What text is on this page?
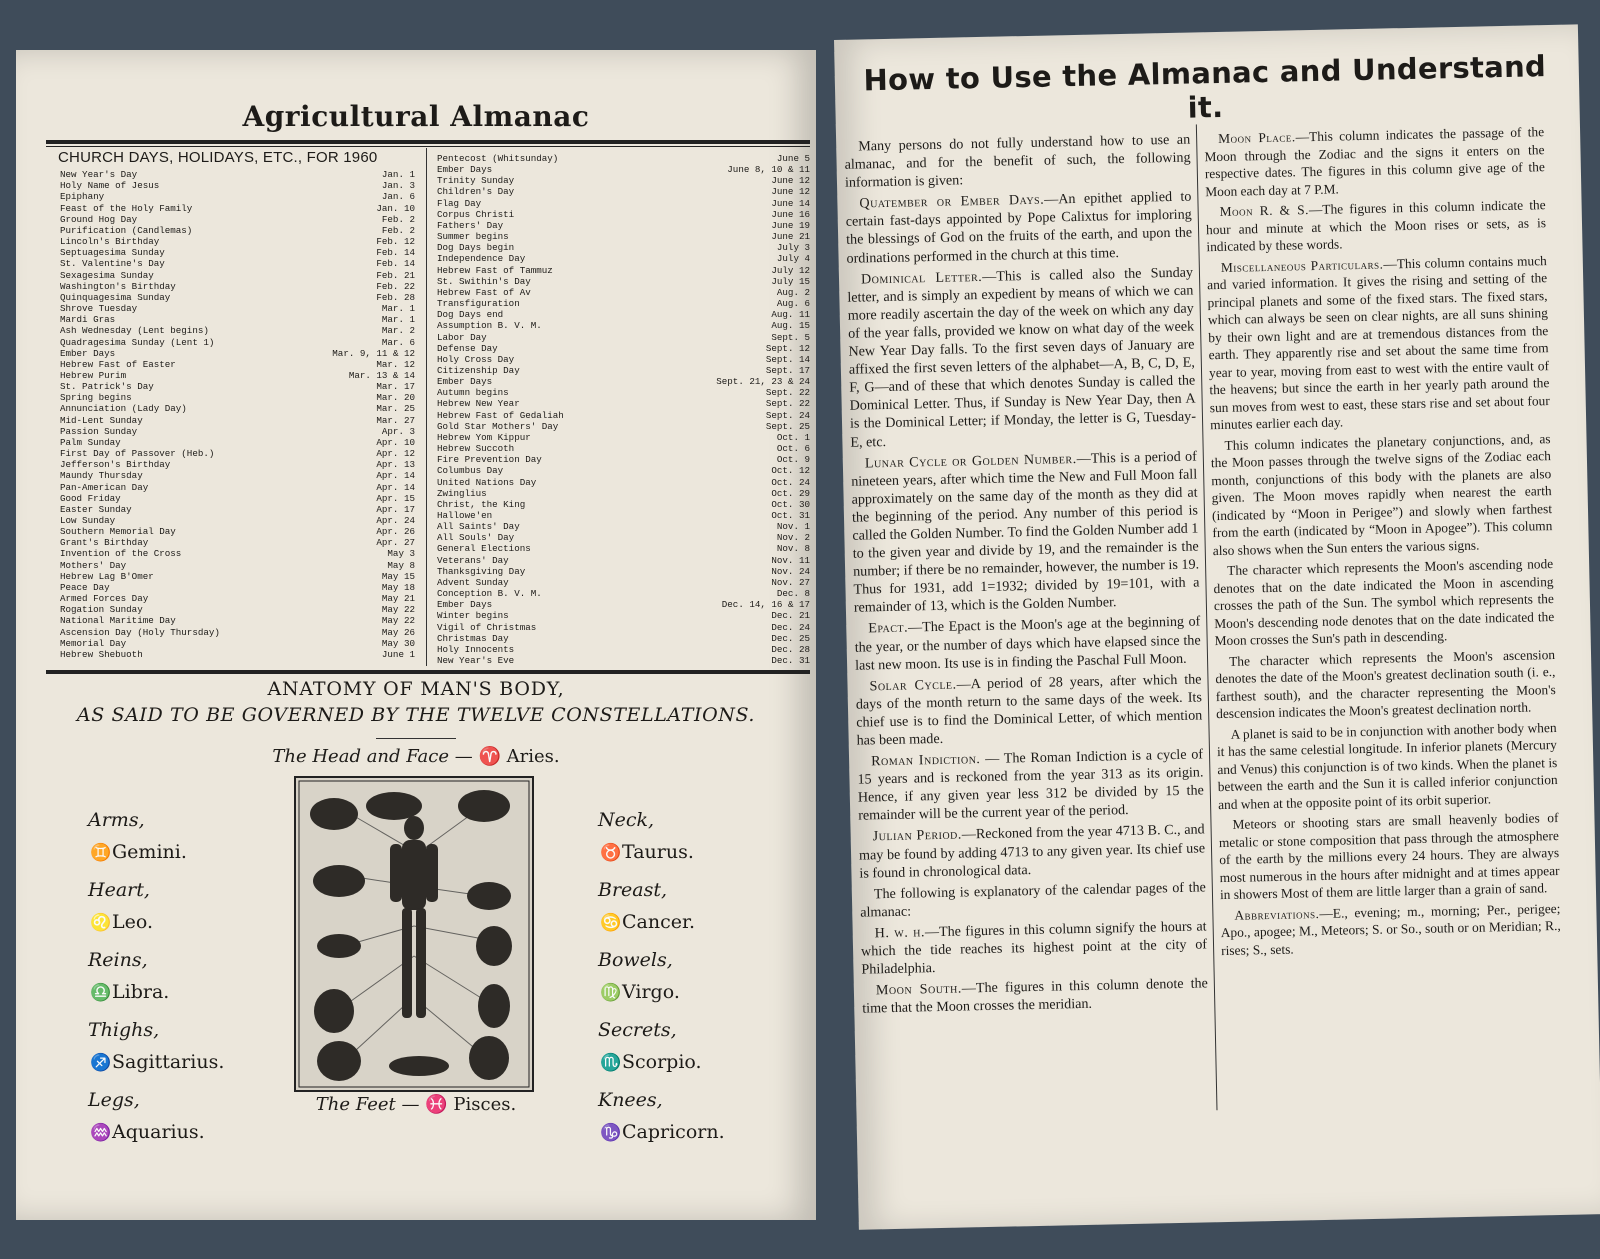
Agricultural Almanac
CHURCH DAYS, HOLIDAYS, ETC., FOR 1960
New Year's Day	Jan. 1
Holy Name of Jesus	Jan. 3
Epiphany	Jan. 6
Feast of the Holy Family	Jan. 10
Ground Hog Day	Feb. 2
Purification (Candlemas)	Feb. 2
Lincoln's Birthday	Feb. 12
Septuagesima Sunday	Feb. 14
St. Valentine's Day	Feb. 14
Sexagesima Sunday	Feb. 21
Washington's Birthday	Feb. 22
Quinquagesima Sunday	Feb. 28
Shrove Tuesday	Mar. 1
Mardi Gras	Mar. 1
Ash Wednesday (Lent begins)	Mar. 2
Quadragesima Sunday (Lent 1)	Mar. 6
Ember Days	Mar. 9, 11 & 12
Hebrew Fast of Easter	Mar. 12
Hebrew Purim	Mar. 13 & 14
St. Patrick's Day	Mar. 17
Spring begins	Mar. 20
Annunciation (Lady Day)	Mar. 25
Mid-Lent Sunday	Mar. 27
Passion Sunday	Apr. 3
Palm Sunday	Apr. 10
First Day of Passover (Heb.)	Apr. 12
Jefferson's Birthday	Apr. 13
Maundy Thursday	Apr. 14
Pan-American Day	Apr. 14
Good Friday	Apr. 15
Easter Sunday	Apr. 17
Low Sunday	Apr. 24
Southern Memorial Day	Apr. 26
Grant's Birthday	Apr. 27
Invention of the Cross	May 3
Mothers' Day	May 8
Hebrew Lag B'Omer	May 15
Peace Day	May 18
Armed Forces Day	May 21
Rogation Sunday	May 22
National Maritime Day	May 22
Ascension Day (Holy Thursday)	May 26
Memorial Day	May 30
Hebrew Shebuoth	June 1
Pentecost (Whitsunday)	June 5
Ember Days	June 8, 10 & 11
Trinity Sunday	June 12
Children's Day	June 12
Flag Day	June 14
Corpus Christi	June 16
Fathers' Day	June 19
Summer begins	June 21
Dog Days begin	July 3
Independence Day	July 4
Hebrew Fast of Tammuz	July 12
St. Swithin's Day	July 15
Hebrew Fast of Av	Aug. 2
Transfiguration	Aug. 6
Dog Days end	Aug. 11
Assumption B. V. M.	Aug. 15
Labor Day	Sept. 5
Defense Day	Sept. 12
Holy Cross Day	Sept. 14
Citizenship Day	Sept. 17
Ember Days	Sept. 21, 23 & 24
Autumn begins	Sept. 22
Hebrew New Year	Sept. 22
Hebrew Fast of Gedaliah	Sept. 24
Gold Star Mothers' Day	Sept. 25
Hebrew Yom Kippur	Oct. 1
Hebrew Succoth	Oct. 6
Fire Prevention Day	Oct. 9
Columbus Day	Oct. 12
United Nations Day	Oct. 24
Zwinglius	Oct. 29
Christ, the King	Oct. 30
Hallowe'en	Oct. 31
All Saints' Day	Nov. 1
All Souls' Day	Nov. 2
General Elections	Nov. 8
Veterans' Day	Nov. 11
Thanksgiving Day	Nov. 24
Advent Sunday	Nov. 27
Conception B. V. M.	Dec. 8
Ember Days	Dec. 14, 16 & 17
Winter begins	Dec. 21
Vigil of Christmas	Dec. 24
Christmas Day	Dec. 25
Holy Innocents	Dec. 28
New Year's Eve	Dec. 31
ANATOMY OF MAN'S BODY,
AS SAID TO BE GOVERNED BY THE TWELVE CONSTELLATIONS.
The Head and Face — ♈ Aries.
Arms,
♊Gemini.
Heart,
♌Leo.
Reins,
♎Libra.
Thighs,
♐Sagittarius.
Legs,
♒Aquarius.
Neck,
♉Taurus.
Breast,
♋Cancer.
Bowels,
♍Virgo.
Secrets,
♏Scorpio.
Knees,
♑Capricorn.
The Feet — ♓ Pisces.
How to Use the Almanac and Understand it.

Many persons do not fully understand how to use an almanac, and for the benefit of such, the following information is given:

Quatember or Ember Days.—An epithet applied to certain fast-days appointed by Pope Calixtus for imploring the blessings of God on the fruits of the earth, and upon the ordinations performed in the church at this time.

Dominical Letter.—This is called also the Sunday letter, and is simply an expedient by means of which we can more readily ascertain the day of the week on which any day of the year falls, provided we know on what day of the week New Year Day falls. To the first seven days of January are affixed the first seven letters of the alphabet—A, B, C, D, E, F, G—and of these that which denotes Sunday is called the Dominical Letter. Thus, if Sunday is New Year Day, then A is the Dominical Letter; if Monday, the letter is G, Tuesday-E, etc.

Lunar Cycle or Golden Number.—This is a period of nineteen years, after which time the New and Full Moon fall approximately on the same day of the month as they did at the beginning of the period. Any number of this period is called the Golden Number. To find the Golden Number add 1 to the given year and divide by 19, and the remainder is the number; if there be no remainder, however, the number is 19. Thus for 1931, add 1=1932; divided by 19=101, with a remainder of 13, which is the Golden Number.

Epact.—The Epact is the Moon's age at the beginning of the year, or the number of days which have elapsed since the last new moon. Its use is in finding the Paschal Full Moon.

Solar Cycle.—A period of 28 years, after which the days of the month return to the same days of the week. Its chief use is to find the Dominical Letter, of which mention has been made.

Roman Indiction. — The Roman Indiction is a cycle of 15 years and is reckoned from the year 313 as its origin. Hence, if any given year less 312 be divided by 15 the remainder will be the current year of the period.

Julian Period.—Reckoned from the year 4713 B. C., and may be found by adding 4713 to any given year. Its chief use is found in chronological data.

The following is explanatory of the calendar pages of the almanac:

H. w. h.—The figures in this column signify the hours at which the tide reaches its highest point at the city of Philadelphia.

Moon South.—The figures in this column denote the time that the Moon crosses the meridian.

Moon Place.—This column indicates the passage of the Moon through the Zodiac and the signs it enters on the respective dates. The figures in this column give age of the Moon each day at 7 P.M.

Moon R. & S.—The figures in this column indicate the hour and minute at which the Moon rises or sets, as is indicated by these words.

Miscellaneous Particulars.—This column contains much and varied information. It gives the rising and setting of the principal planets and some of the fixed stars. The fixed stars, which can always be seen on clear nights, are all suns shining by their own light and are at tremendous distances from the earth. They apparently rise and set about the same time from year to year, moving from east to west with the entire vault of the heavens; but since the earth in her yearly path around the sun moves from west to east, these stars rise and set about four minutes earlier each day.

This column indicates the planetary conjunctions, and, as the Moon passes through the twelve signs of the Zodiac each month, conjunctions of this body with the planets are also given. The Moon moves rapidly when nearest the earth (indicated by “Moon in Perigee”) and slowly when farthest from the earth (indicated by “Moon in Apogee”). This column also shows when the Sun enters the various signs.

The character which represents the Moon's ascending node denotes that on the date indicated the Moon in ascending crosses the path of the Sun. The symbol which represents the Moon's descending node denotes that on the date indicated the Moon crosses the Sun's path in descending.

The character which represents the Moon's ascension denotes the date of the Moon's greatest declination south (i. e., farthest south), and the character representing the Moon's descension indicates the Moon's greatest declination north.

A planet is said to be in conjunction with another body when it has the same celestial longitude. In inferior planets (Mercury and Venus) this conjunction is of two kinds. When the planet is between the earth and the Sun it is called inferior conjunction and when at the opposite point of its orbit superior.

Meteors or shooting stars are small heavenly bodies of metalic or stone composition that pass through the atmosphere of the earth by the millions every 24 hours. They are always most numerous in the hours after midnight and at times appear in showers Most of them are little larger than a grain of sand.

Abbreviations.—E., evening; m., morning; Per., perigee; Apo., apogee; M., Meteors; S. or So., south or on Meridian; R., rises; S., sets.
